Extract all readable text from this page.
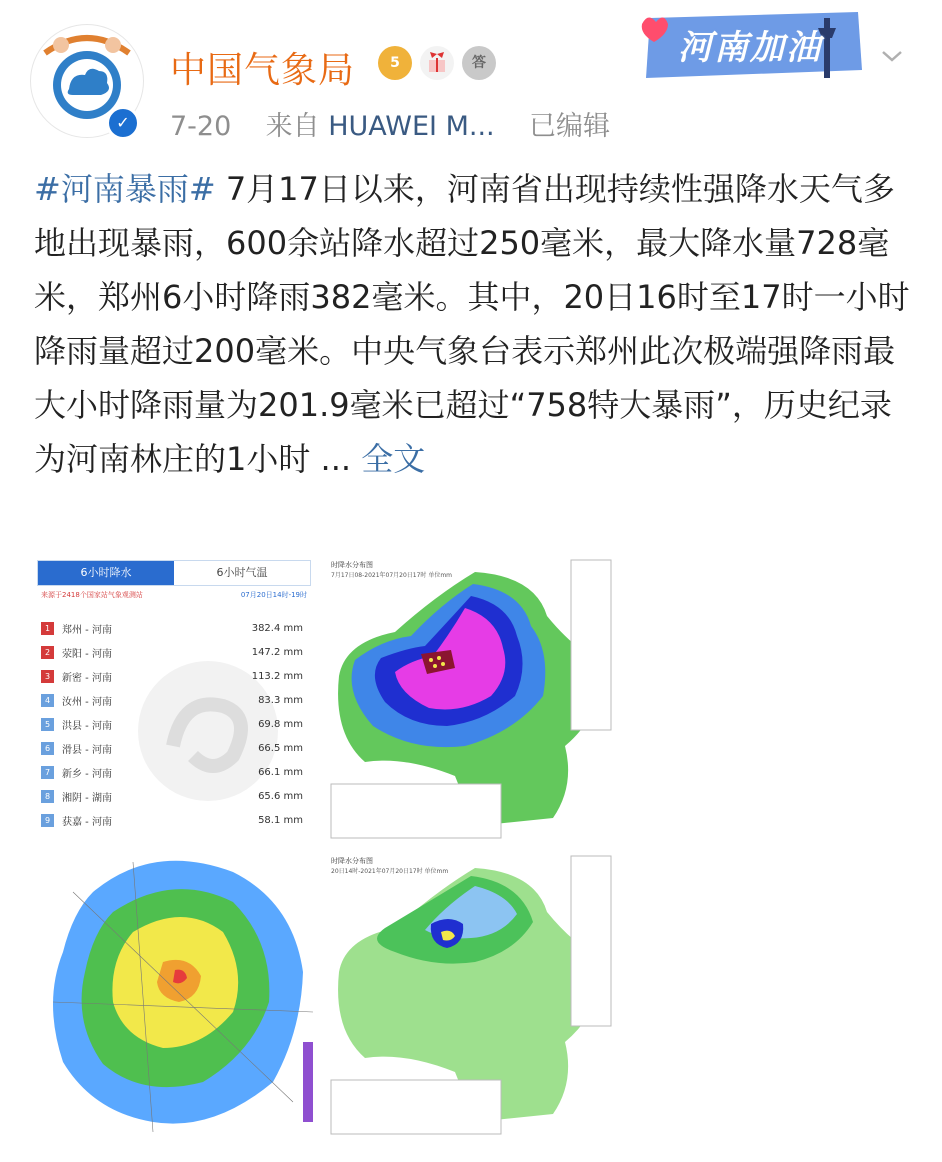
✓
中国气象局	5	答
7-20 来自 HUAWEI M... 已编辑
河南加油
#河南暴雨# 7月17日以来，河南省出现持续性强降水天气多地出现暴雨，600余站降水超过250毫米，最大降水量728毫米，郑州6小时降雨382毫米。其中，20日16时至17时一小时降雨量超过200毫米。中央气象台表示郑州此次极端强降雨最大小时降雨量为201.9毫米已超过“758特大暴雨”，历史纪录为河南林庄的1小时 ... 全文
6小时降水	6小时气温
来源于2418个国家站气象观测站	07月20日14时-19时
1	郑州 - 河南	382.4 mm
2	荥阳 - 河南	147.2 mm
3	新密 - 河南	113.2 mm
4	汝州 - 河南	83.3 mm
5	洪县 - 河南	69.8 mm
6	滑县 - 河南	66.5 mm
7	新乡 - 河南	66.1 mm
8	湘阴 - 湖南	65.6 mm
9	获嘉 - 河南	58.1 mm
时降水分布图
7月17日08-2021年07月20日17时 单位mm
时降水分布图
20日14时-2021年07月20日17时 单位mm
